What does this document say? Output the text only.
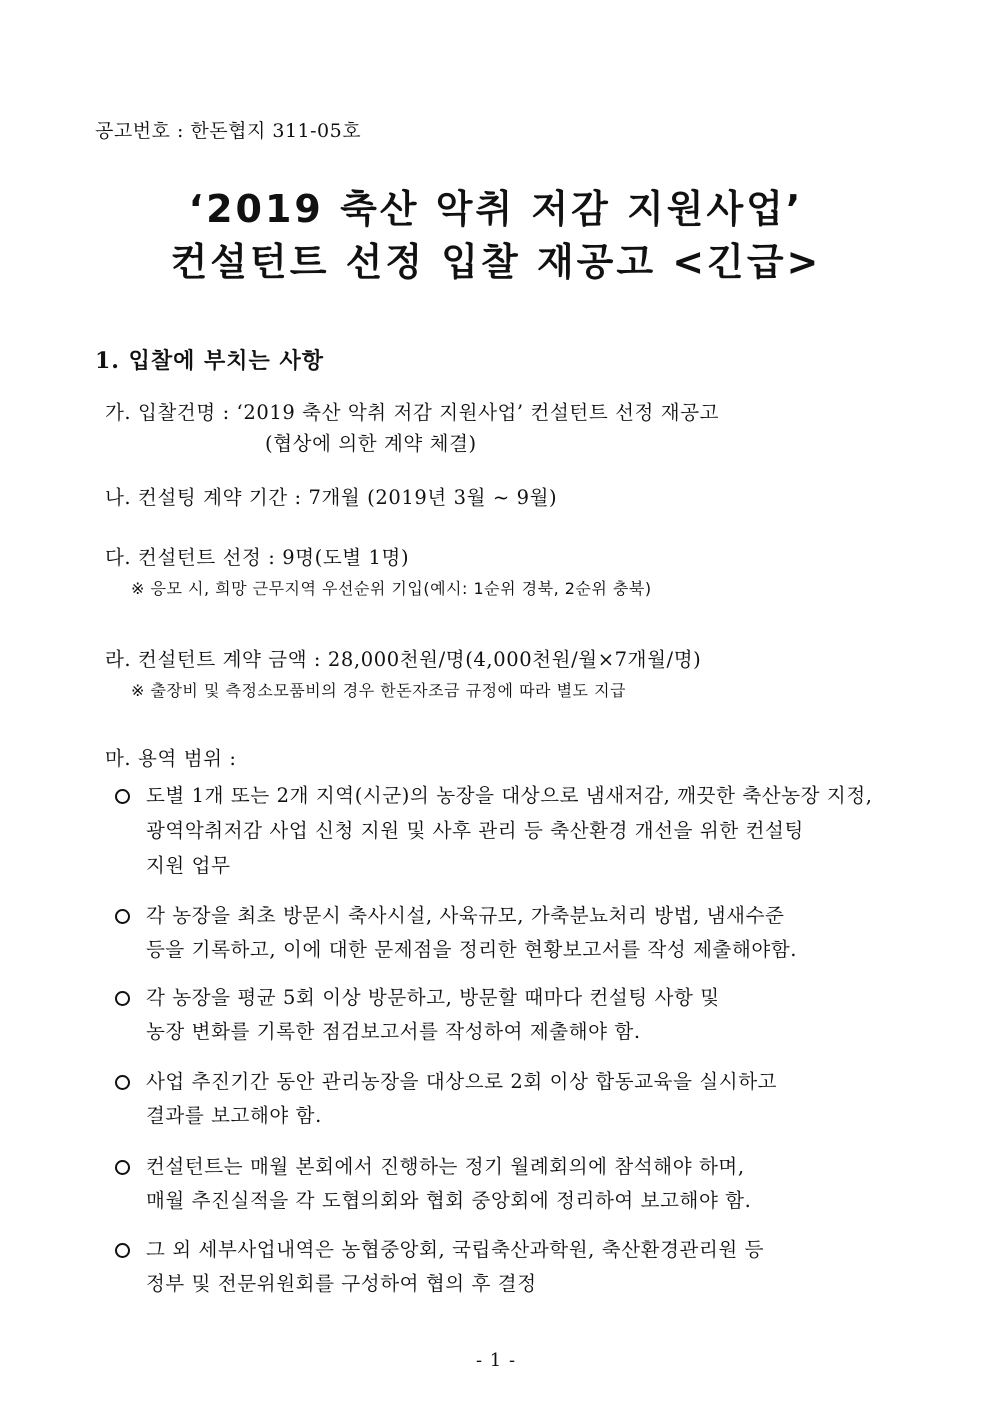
공고번호 : 한돈협지 311-05호
‘2019 축산 악취 저감 지원사업’
컨설턴트 선정 입찰 재공고 <긴급>
1. 입찰에 부치는 사항
가. 입찰건명 : ‘2019 축산 악취 저감 지원사업’ 컨설턴트 선정 재공고
(협상에 의한 계약 체결)
나. 컨설팅 계약 기간 : 7개월 (2019년 3월 ~ 9월)
다. 컨설턴트 선정 : 9명(도별 1명)
※ 응모 시, 희망 근무지역 우선순위 기입(예시: 1순위 경북, 2순위 충북)
라. 컨설턴트 계약 금액 : 28,000천원/명(4,000천원/월×7개월/명)
※ 출장비 및 측정소모품비의 경우 한돈자조금 규정에 따라 별도 지급
마. 용역 범위 :
도별 1개 또는 2개 지역(시군)의 농장을 대상으로 냄새저감, 깨끗한 축산농장 지정,
광역악취저감 사업 신청 지원 및 사후 관리 등 축산환경 개선을 위한 컨설팅
지원 업무
각 농장을 최초 방문시 축사시설, 사육규모, 가축분뇨처리 방법, 냄새수준
등을 기록하고, 이에 대한 문제점을 정리한 현황보고서를 작성 제출해야함.
각 농장을 평균 5회 이상 방문하고, 방문할 때마다 컨설팅 사항 및
농장 변화를 기록한 점검보고서를 작성하여 제출해야 함.
사업 추진기간 동안 관리농장을 대상으로 2회 이상 합동교육을 실시하고
결과를 보고해야 함.
컨설턴트는 매월 본회에서 진행하는 정기 월례회의에 참석해야 하며,
매월 추진실적을 각 도협의회와 협회 중앙회에 정리하여 보고해야 함.
그 외 세부사업내역은 농협중앙회, 국립축산과학원, 축산환경관리원 등
정부 및 전문위원회를 구성하여 협의 후 결정
- 1 -
